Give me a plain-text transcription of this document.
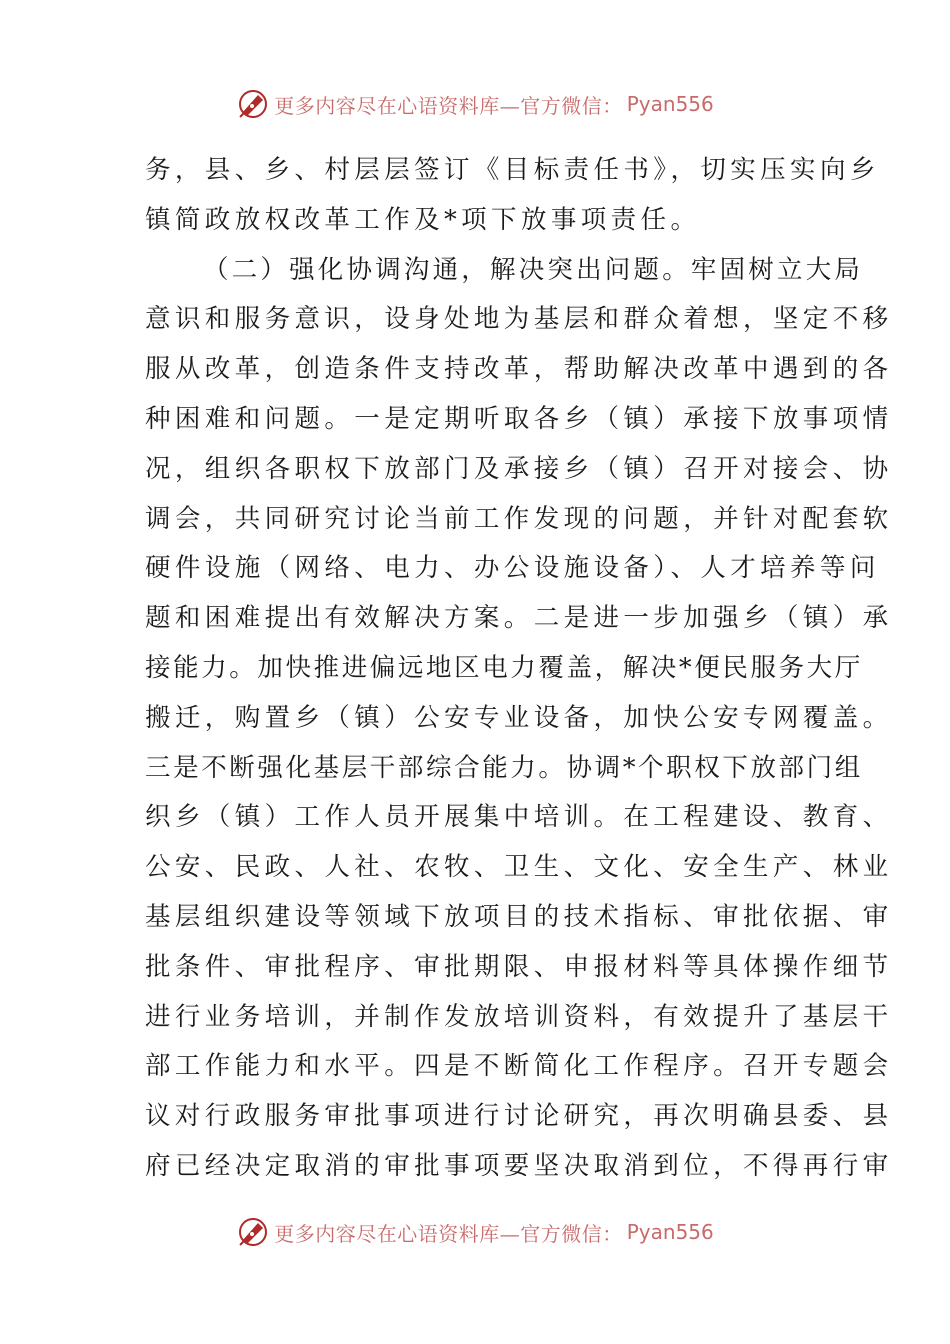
更多内容尽在心语资料库—官方微信： Pyan556
务，县、乡、村层层签订《目标责任书》，切实压实向乡
镇简政放权改革工作及*项下放事项责任。
（二）强化协调沟通，解决突出问题。牢固树立大局
意识和服务意识，设身处地为基层和群众着想，坚定不移
服从改革，创造条件支持改革，帮助解决改革中遇到的各
种困难和问题。一是定期听取各乡（镇）承接下放事项情
况，组织各职权下放部门及承接乡（镇）召开对接会、协
调会，共同研究讨论当前工作发现的问题，并针对配套软
硬件设施（网络、电力、办公设施设备）、人才培养等问
题和困难提出有效解决方案。二是进一步加强乡（镇）承
接能力。加快推进偏远地区电力覆盖，解决*便民服务大厅
搬迁，购置乡（镇）公安专业设备，加快公安专网覆盖。
三是不断强化基层干部综合能力。协调*个职权下放部门组
织乡（镇）工作人员开展集中培训。在工程建设、教育、
公安、民政、人社、农牧、卫生、文化、安全生产、林业
基层组织建设等领域下放项目的技术指标、审批依据、审
批条件、审批程序、审批期限、申报材料等具体操作细节
进行业务培训，并制作发放培训资料，有效提升了基层干
部工作能力和水平。四是不断简化工作程序。召开专题会
议对行政服务审批事项进行讨论研究，再次明确县委、县
府已经决定取消的审批事项要坚决取消到位，不得再行审
更多内容尽在心语资料库—官方微信： Pyan556
